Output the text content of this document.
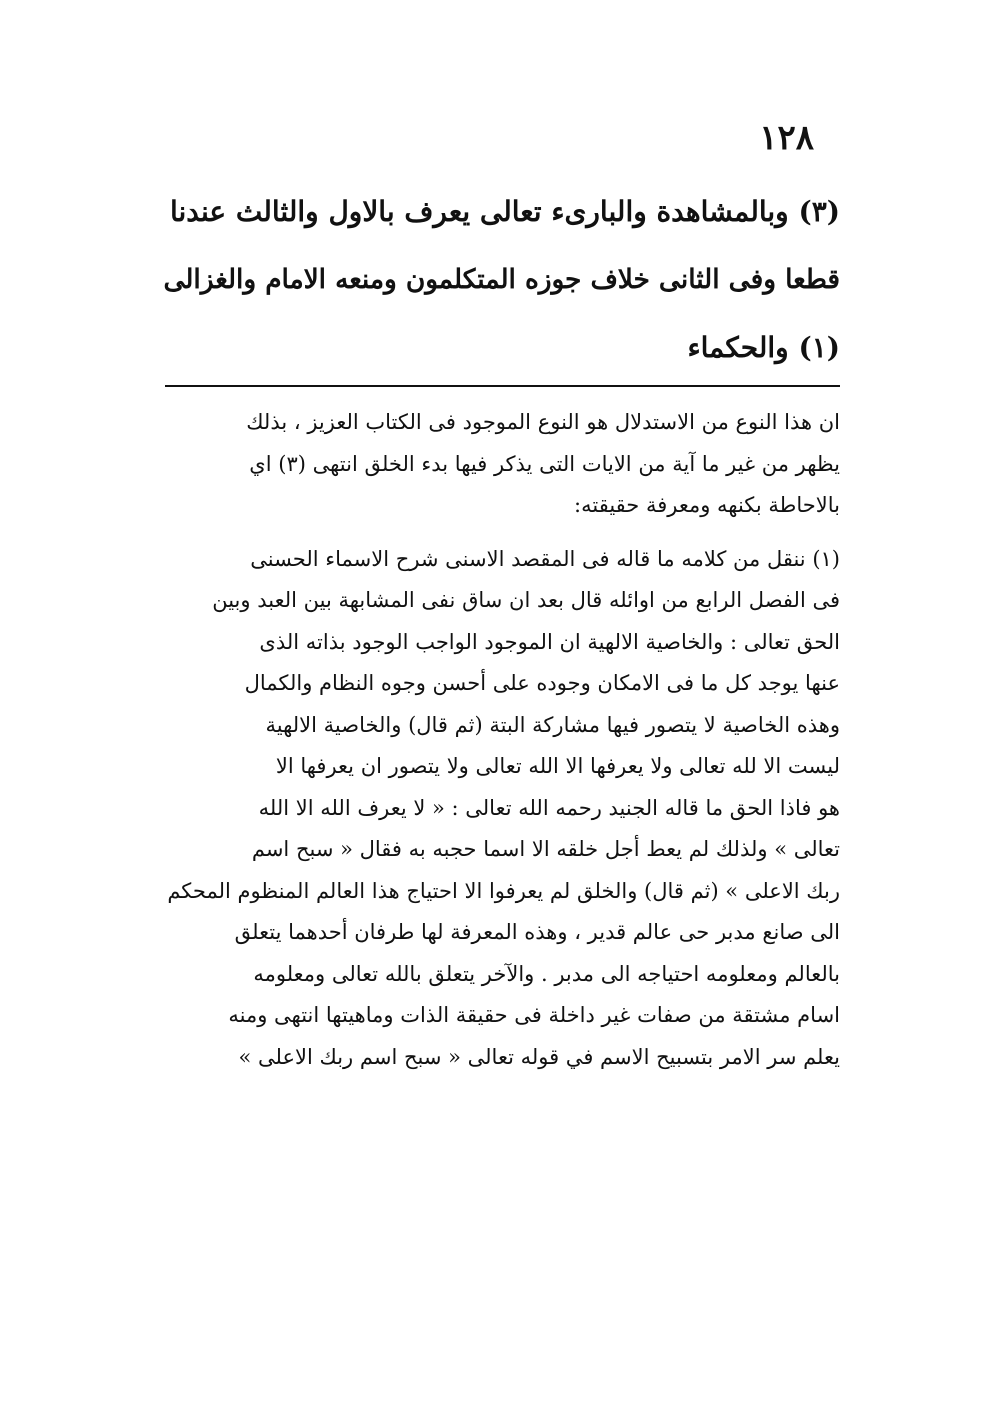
١٢٨

(٣) وبالمشاهدة والبارىء تعالى يعرف بالاول والثالث عندنا

قطعا وفى الثانى خلاف جوزه المتكلمون ومنعه الامام والغزالى

(١) والحكماء

ان هذا النوع من الاستدلال هو النوع الموجود فى الكتاب العزيز ، بذلك

يظهر من غير ما آية من الايات التى يذكر فيها بدء الخلق انتهى (٣) اي

بالاحاطة بكنهه ومعرفة حقيقته:

(١) ننقل من كلامه ما قاله فى المقصد الاسنى شرح الاسماء الحسنى

فى الفصل الرابع من اوائله قال بعد ان ساق نفى المشابهة بين العبد وبين

الحق تعالى : والخاصية الالهية ان الموجود الواجب الوجود بذاته الذى

عنها يوجد كل ما فى الامكان وجوده على أحسن وجوه النظام والكمال

وهذه الخاصية لا يتصور فيها مشاركة البتة (ثم قال) والخاصية الالهية

ليست الا لله تعالى ولا يعرفها الا الله تعالى ولا يتصور ان يعرفها الا

هو فاذا الحق ما قاله الجنيد رحمه الله تعالى : « لا يعرف الله الا الله

تعالى » ولذلك لم يعط أجل خلقه الا اسما حجبه به فقال « سبح اسم

ربك الاعلى » (ثم قال) والخلق لم يعرفوا الا احتياج هذا العالم المنظوم المحكم

الى صانع مدبر حى عالم قدير ، وهذه المعرفة لها طرفان أحدهما يتعلق

بالعالم ومعلومه احتياجه الى مدبر . والآخر يتعلق بالله تعالى ومعلومه

اسام مشتقة من صفات غير داخلة فى حقيقة الذات وماهيتها انتهى ومنه

يعلم سر الامر بتسبيح الاسم في قوله تعالى « سبح اسم ربك الاعلى »
